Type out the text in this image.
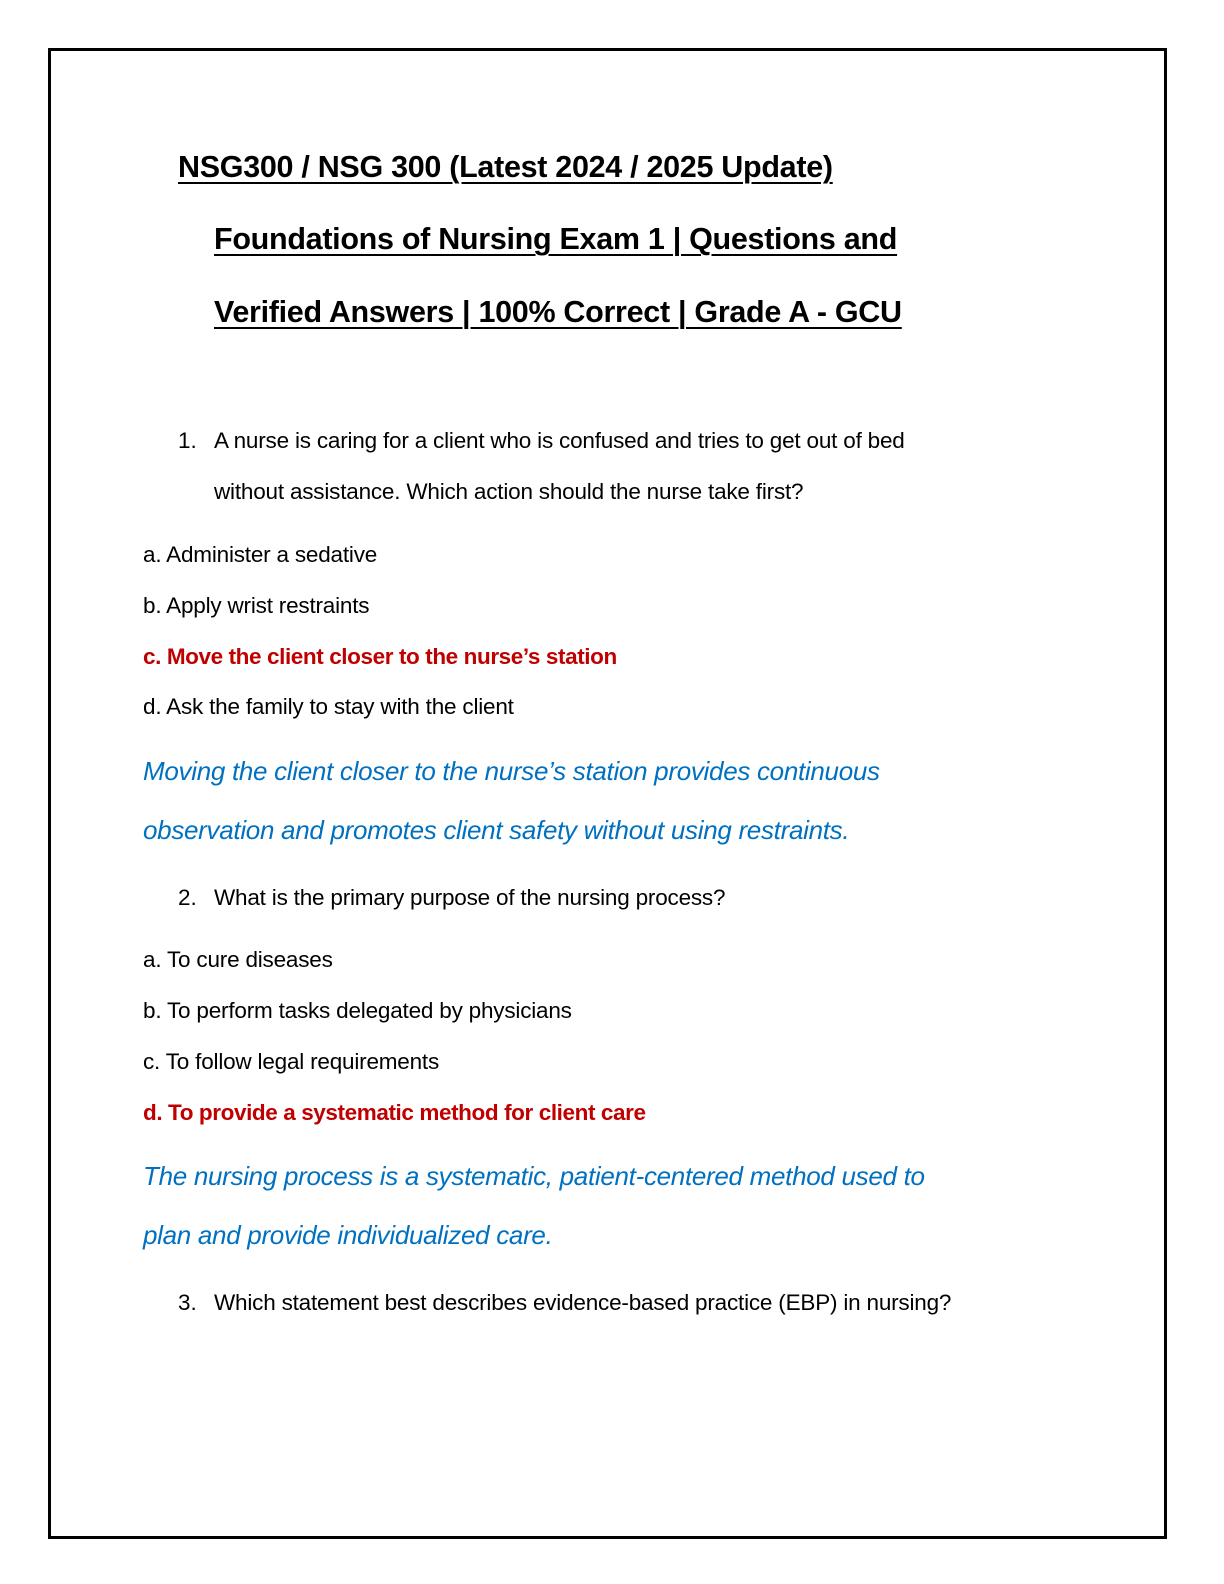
NSG300 / NSG 300 (Latest 2024 / 2025 Update)
Foundations of Nursing Exam 1 | Questions and
Verified Answers | 100% Correct | Grade A - GCU
1. A nurse is caring for a client who is confused and tries to get out of bed
without assistance. Which action should the nurse take first?
a. Administer a sedative
b. Apply wrist restraints
c. Move the client closer to the nurse’s station
d. Ask the family to stay with the client
Moving the client closer to the nurse’s station provides continuous
observation and promotes client safety without using restraints.
2. What is the primary purpose of the nursing process?
a. To cure diseases
b. To perform tasks delegated by physicians
c. To follow legal requirements
d. To provide a systematic method for client care
The nursing process is a systematic, patient-centered method used to
plan and provide individualized care.
3. Which statement best describes evidence-based practice (EBP) in nursing?
